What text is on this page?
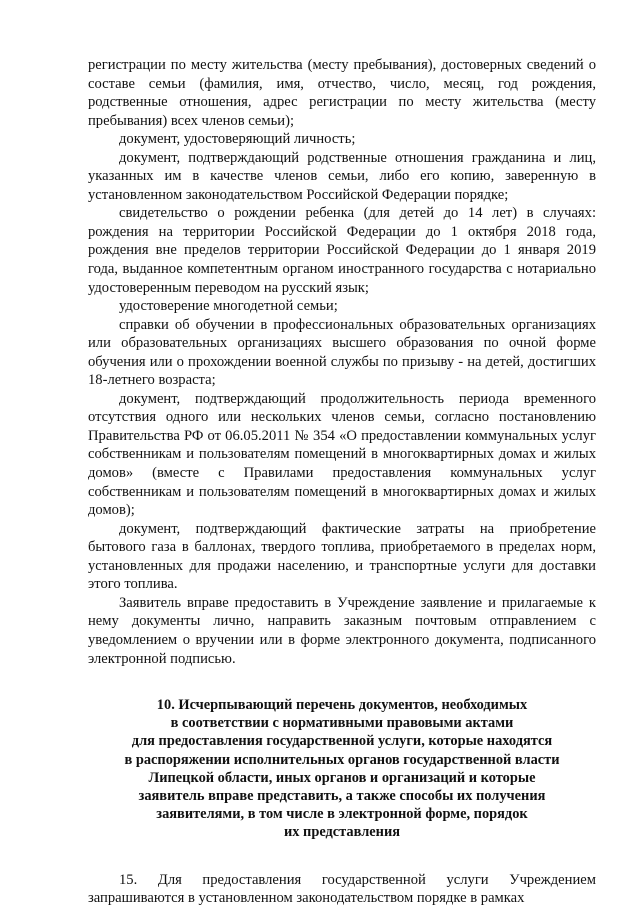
регистрации по месту жительства (месту пребывания), достоверных сведений о составе семьи (фамилия, имя, отчество, число, месяц, год рождения, родственные отношения, адрес регистрации по месту жительства (месту пребывания) всех членов семьи);

документ, удостоверяющий личность;

документ, подтверждающий родственные отношения гражданина и лиц, указанных им в качестве членов семьи, либо его копию, заверенную в установленном законодательством Российской Федерации порядке;

свидетельство о рождении ребенка (для детей до 14 лет) в случаях: рождения на территории Российской Федерации до 1 октября 2018 года, рождения вне пределов территории Российской Федерации до 1 января 2019 года, выданное компетентным органом иностранного государства с нотариально удостоверенным переводом на русский язык;

удостоверение многодетной семьи;

справки об обучении в профессиональных образовательных организациях или образовательных организациях высшего образования по очной форме обучения или о прохождении военной службы по призыву - на детей, достигших 18-летнего возраста;

документ, подтверждающий продолжительность периода временного отсутствия одного или нескольких членов семьи, согласно постановлению Правительства РФ от 06.05.2011 № 354 «О предоставлении коммунальных услуг собственникам и пользователям помещений в многоквартирных домах и жилых домов» (вместе с Правилами предоставления коммунальных услуг собственникам и пользователям помещений в многоквартирных домах и жилых домов);

документ, подтверждающий фактические затраты на приобретение бытового газа в баллонах, твердого топлива, приобретаемого в пределах норм, установленных для продажи населению, и транспортные услуги для доставки этого топлива.

Заявитель вправе предоставить в Учреждение заявление и прилагаемые к нему документы лично, направить заказным почтовым отправлением с уведомлением о вручении или в форме электронного документа, подписанного электронной подписью.

10. Исчерпывающий перечень документов, необходимых
в соответствии с нормативными правовыми актами
для предоставления государственной услуги, которые находятся
в распоряжении исполнительных органов государственной власти
Липецкой области, иных органов и организаций и которые
заявитель вправе представить, а также способы их получения
заявителями, в том числе в электронной форме, порядок
их представления

15. Для предоставления государственной услуги Учреждением запрашиваются в установленном законодательством порядке в рамках
